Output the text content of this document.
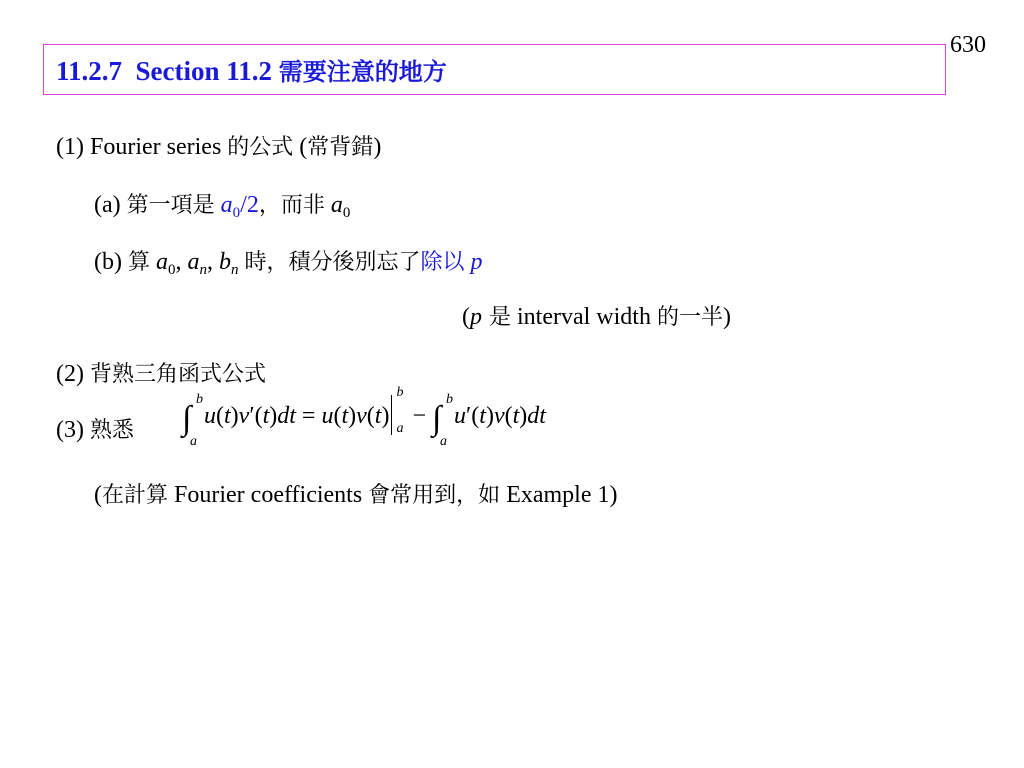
630
11.2.7 Section 11.2 需要注意的地方
(1) Fourier series 的公式 (常背錯)
(a) 第一項是 $a_0/2$，而非 $a_0$
(b) 算 $a_0$, $a_n$, $b_n$ 時，積分後別忘了除以 p
(p 是 interval width 的一半)
(2) 背熟三角函式公式
(3) 熟悉 ∫
b
a
u(t)v′(t)dt = u(t)v(t)
b
a − ∫
b
a
u′(t)v(t)dt
(在計算 Fourier coefficients 會常用到，如 Example 1)
